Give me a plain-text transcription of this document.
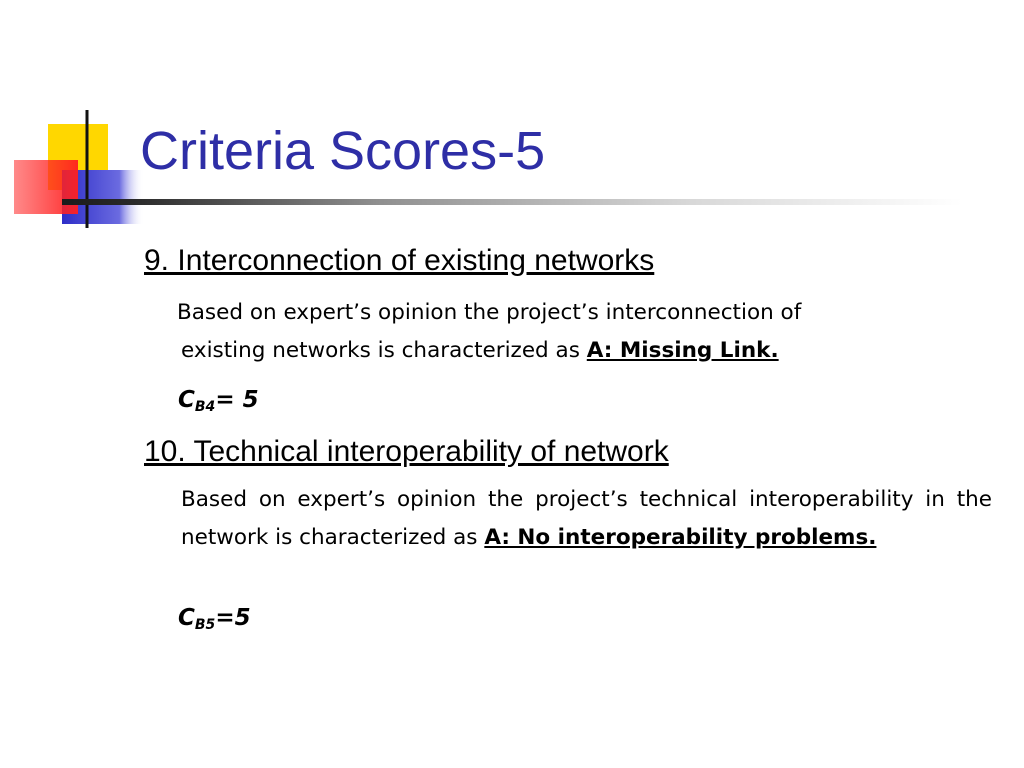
Criteria Scores-5
9. Interconnection of existing networks
Based on expert’s opinion the project’s interconnection of
existing networks is characterized as A: Missing Link.
$C_{B4}= 5$
10. Technical interoperability of network
Based on expert’s opinion the project’s technical interoperability in the network is characterized as A: No interoperability problems.
$C_{B5}=5$
